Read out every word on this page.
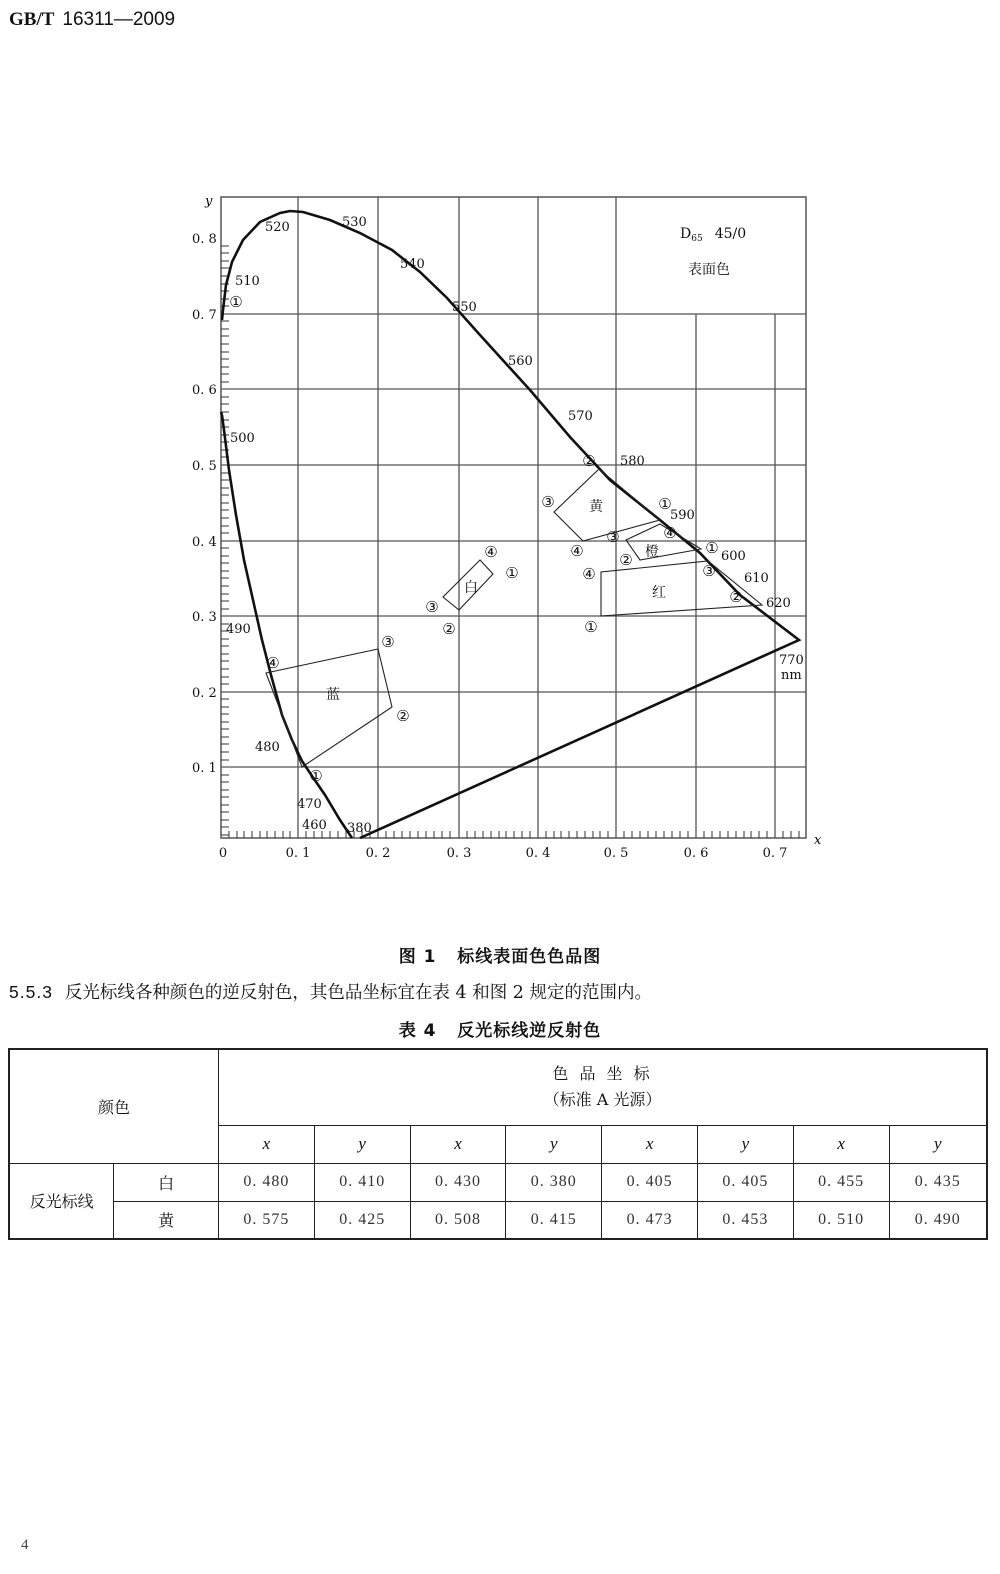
GB/T 16311—2009
0. 1
0. 2
0. 3
0. 4
0. 5
0. 6
0. 7
0. 8
0	0. 1	0. 2	0. 3	0. 4	0. 5	0. 6	0. 7
y
x
380
460
470
480
490
500
510
520	530
540
550
560
570
580
590
600
610
620
770
nm
①
①
②
③
④
①
②
③
④
①
②
③
④	①
②
③	④
①
②
③
④
蓝
白
黄
橙
红
$D_{65}$ 45/0
表面色
图 1 标线表面色色品图
5.5.3 反光标线各种颜色的逆反射色，其色品坐标宜在表 4 和图 2 规定的范围内。
表 4 反光标线逆反射色
颜色		色 品 坐 标
（标准 A 光源）							

		x	y	x	y	x	y	x	y
反光标线	白	0. 480	0. 410	0. 430	0. 380	0. 405	0. 405	0. 455	0. 435
	黄	0. 575	0. 425	0. 508	0. 415	0. 473	0. 453	0. 510	0. 490
4
